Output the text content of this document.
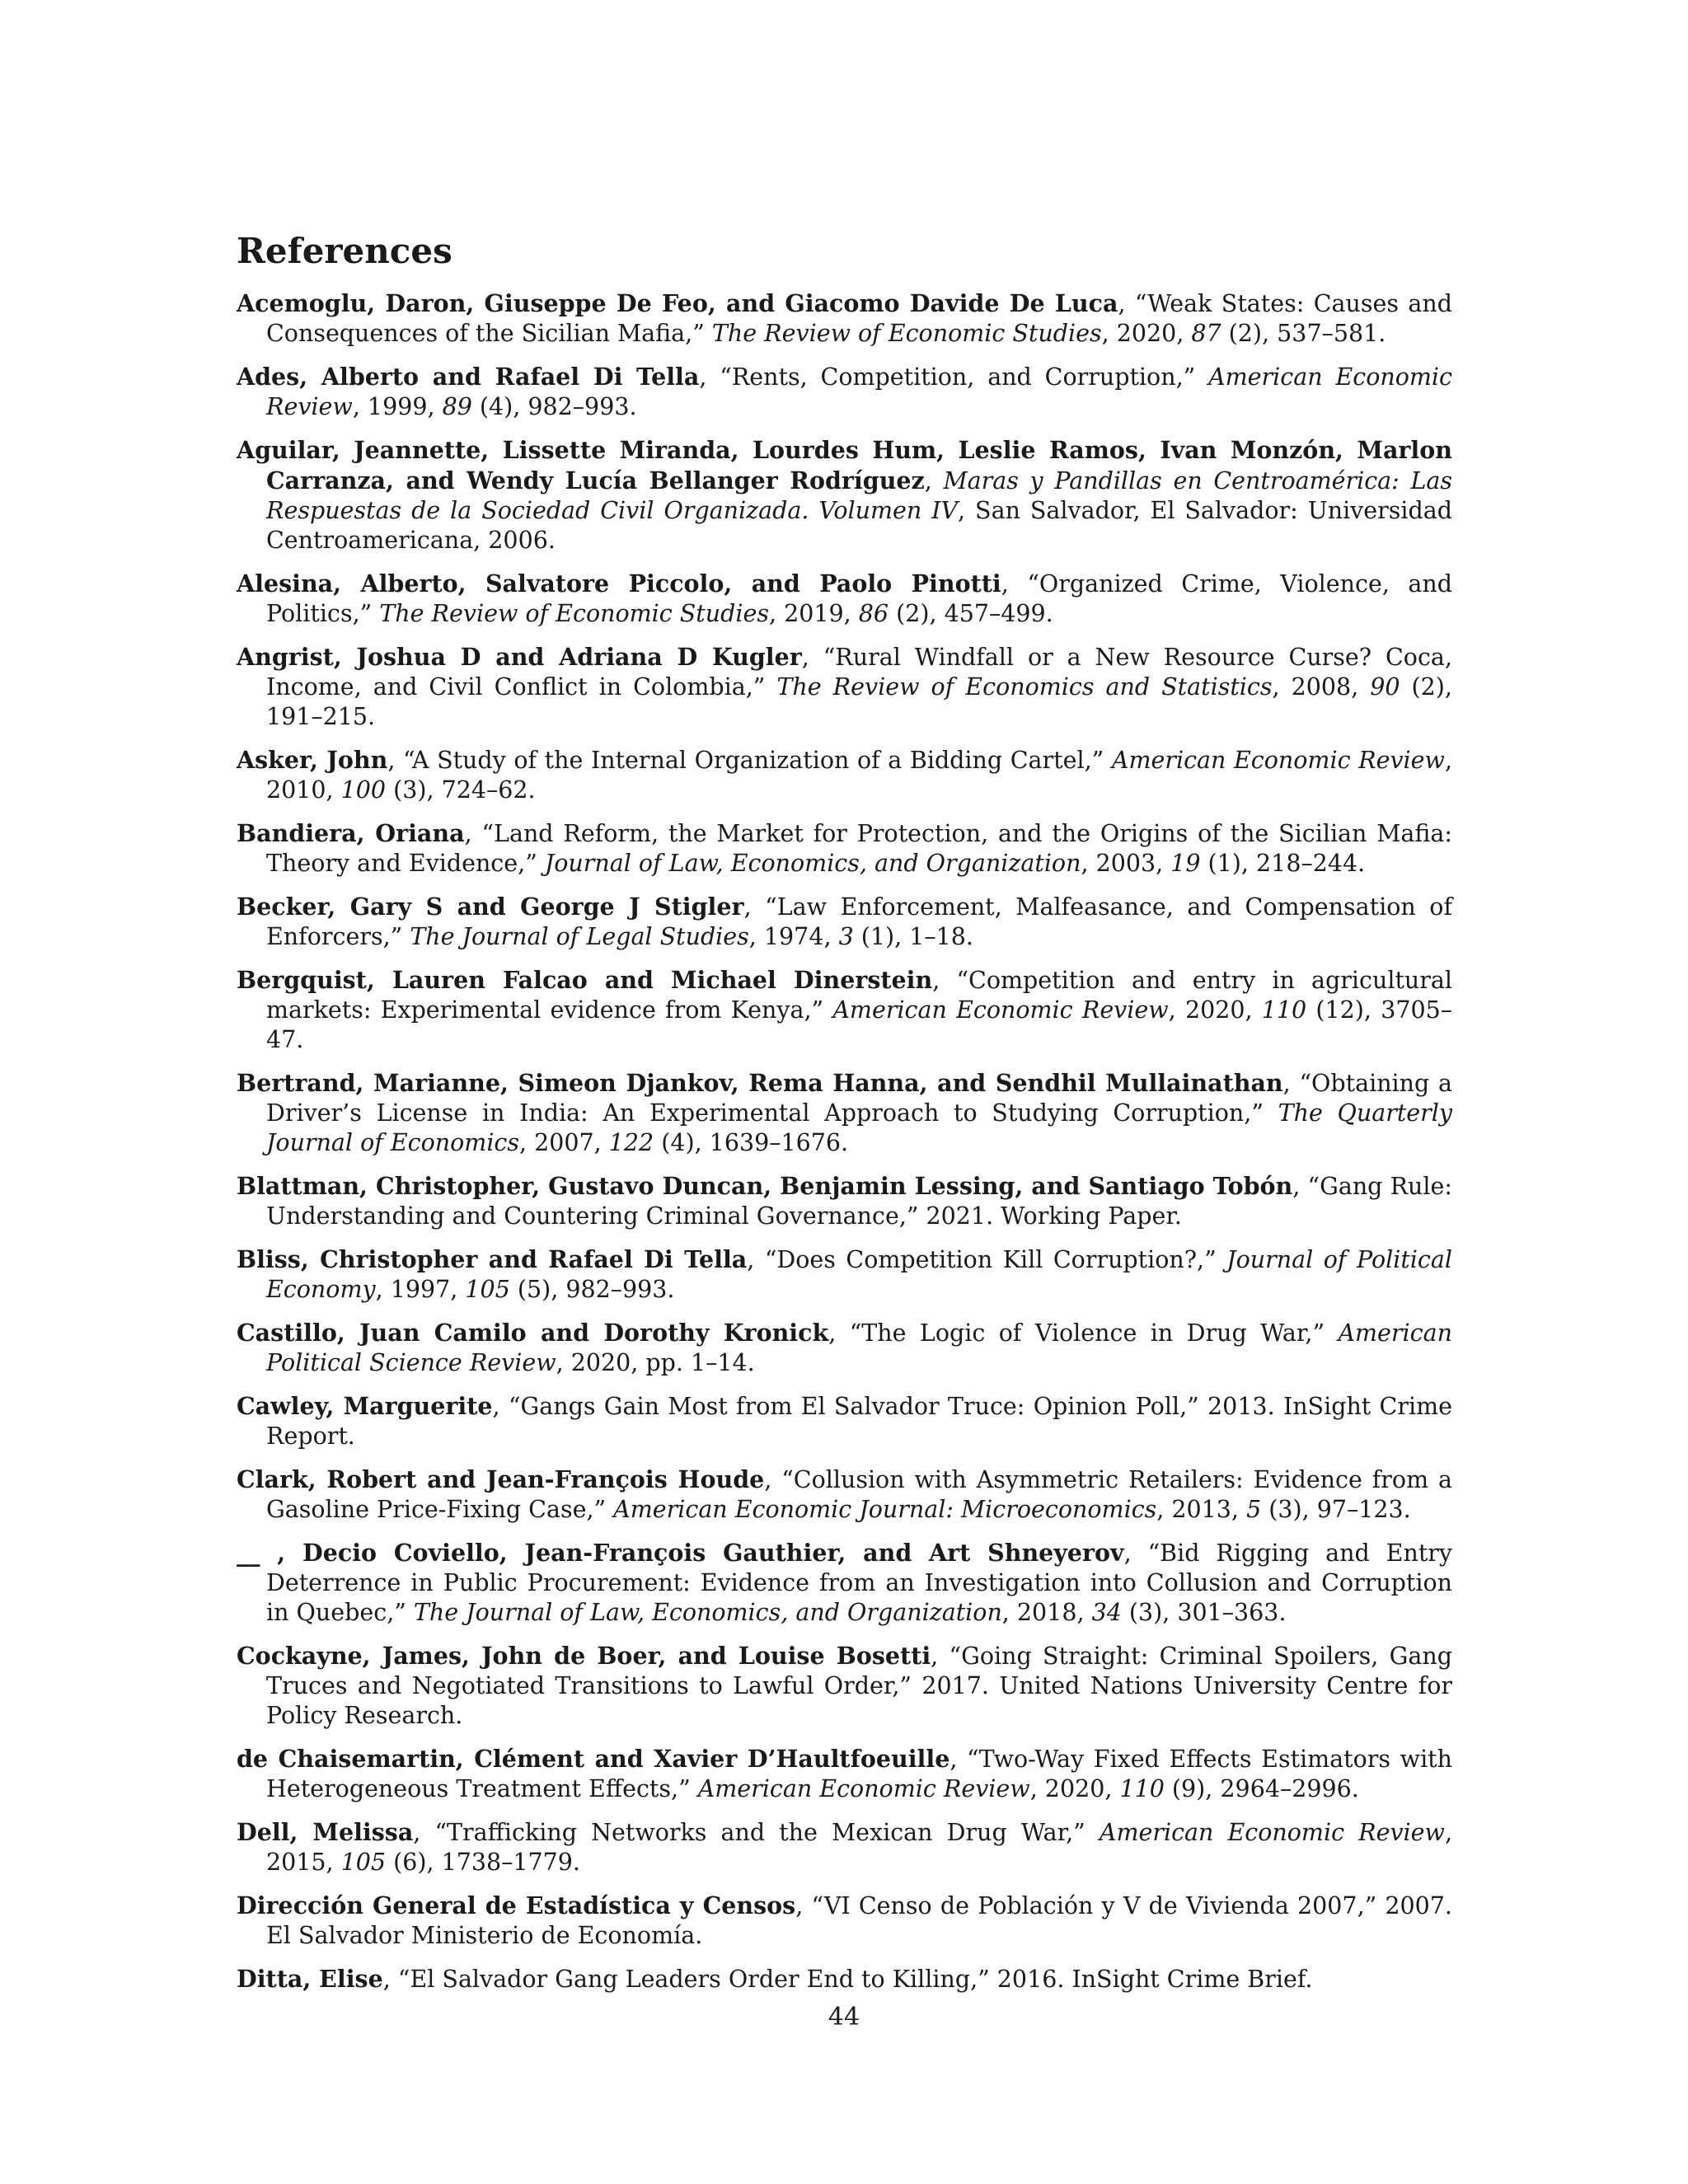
References
Acemoglu, Daron, Giuseppe De Feo, and Giacomo Davide De Luca, “Weak States: Causes and Consequences of the Sicilian Mafia,” The Review of Economic Studies, 2020, 87 (2), 537–581.
Ades, Alberto and Rafael Di Tella, “Rents, Competition, and Corruption,” American Economic Review, 1999, 89 (4), 982–993.
Aguilar, Jeannette, Lissette Miranda, Lourdes Hum, Leslie Ramos, Ivan Monzón, Marlon Carranza, and Wendy Lucía Bellanger Rodríguez, Maras y Pandillas en Centroamérica: Las Respuestas de la Sociedad Civil Organizada. Volumen IV, San Salvador, El Salvador: Universidad Centroamericana, 2006.
Alesina, Alberto, Salvatore Piccolo, and Paolo Pinotti, “Organized Crime, Violence, and Politics,” The Review of Economic Studies, 2019, 86 (2), 457–499.
Angrist, Joshua D and Adriana D Kugler, “Rural Windfall or a New Resource Curse? Coca, Income, and Civil Conflict in Colombia,” The Review of Economics and Statistics, 2008, 90 (2), 191–215.
Asker, John, “A Study of the Internal Organization of a Bidding Cartel,” American Economic Review, 2010, 100 (3), 724–62.
Bandiera, Oriana, “Land Reform, the Market for Protection, and the Origins of the Sicilian Mafia: Theory and Evidence,” Journal of Law, Economics, and Organization, 2003, 19 (1), 218–244.
Becker, Gary S and George J Stigler, “Law Enforcement, Malfeasance, and Compensation of Enforcers,” The Journal of Legal Studies, 1974, 3 (1), 1–18.
Bergquist, Lauren Falcao and Michael Dinerstein, “Competition and entry in agricultural markets: Experimental evidence from Kenya,” American Economic Review, 2020, 110 (12), 3705–47.
Bertrand, Marianne, Simeon Djankov, Rema Hanna, and Sendhil Mullainathan, “Obtaining a Driver’s License in India: An Experimental Approach to Studying Corruption,” The Quarterly Journal of Economics, 2007, 122 (4), 1639–1676.
Blattman, Christopher, Gustavo Duncan, Benjamin Lessing, and Santiago Tobón, “Gang Rule: Understanding and Countering Criminal Governance,” 2021. Working Paper.
Bliss, Christopher and Rafael Di Tella, “Does Competition Kill Corruption?,” Journal of Political Economy, 1997, 105 (5), 982–993.
Castillo, Juan Camilo and Dorothy Kronick, “The Logic of Violence in Drug War,” American Political Science Review, 2020, pp. 1–14.
Cawley, Marguerite, “Gangs Gain Most from El Salvador Truce: Opinion Poll,” 2013. InSight Crime Report.
Clark, Robert and Jean-François Houde, “Collusion with Asymmetric Retailers: Evidence from a Gasoline Price-Fixing Case,” American Economic Journal: Microeconomics, 2013, 5 (3), 97–123.
__ , Decio Coviello, Jean-François Gauthier, and Art Shneyerov, “Bid Rigging and Entry Deterrence in Public Procurement: Evidence from an Investigation into Collusion and Corruption in Quebec,” The Journal of Law, Economics, and Organization, 2018, 34 (3), 301–363.
Cockayne, James, John de Boer, and Louise Bosetti, “Going Straight: Criminal Spoilers, Gang Truces and Negotiated Transitions to Lawful Order,” 2017. United Nations University Centre for Policy Research.
de Chaisemartin, Clément and Xavier D’Haultfoeuille, “Two-Way Fixed Effects Estimators with Heterogeneous Treatment Effects,” American Economic Review, 2020, 110 (9), 2964–2996.
Dell, Melissa, “Trafficking Networks and the Mexican Drug War,” American Economic Review, 2015, 105 (6), 1738–1779.
Dirección General de Estadística y Censos, “VI Censo de Población y V de Vivienda 2007,” 2007. El Salvador Ministerio de Economía.
Ditta, Elise, “El Salvador Gang Leaders Order End to Killing,” 2016. InSight Crime Brief.
44
